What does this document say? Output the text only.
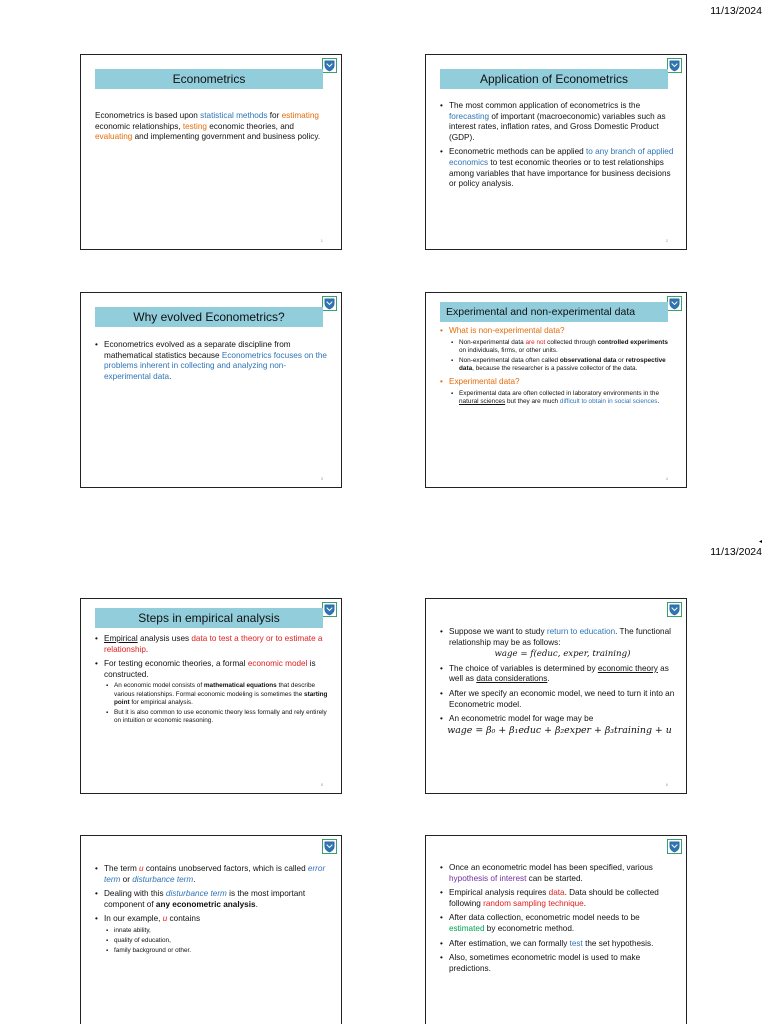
11/13/2024
Econometrics

Econometrics is based upon statistical methods for estimating economic relationships, testing economic theories, and evaluating and implementing government and business policy.

1
Application of Econometrics
• The most common application of econometrics is the forecasting of important (macroeconomic) variables such as interest rates, inflation rates, and Gross Domestic Product (GDP).
• Econometric methods can be applied to any branch of applied economics to test economic theories or to test relationships among variables that have importance for business decisions or policy analysis.
2
Why evolved Econometrics?
• Econometrics evolved as a separate discipline from mathematical statistics because Econometrics focuses on the problems inherent in collecting and analyzing non-experimental data.
3
Experimental and non-experimental data
• What is non-experimental data?
▪ Non-experimental data are not collected through controlled experiments on individuals, firms, or other units.
▪ Non-experimental data often called observational data or retrospective data, because the researcher is a passive collector of the data.
• Experimental data?
▪ Experimental data are often collected in laboratory environments in the natural sciences but they are much difficult to obtain in social sciences.
4
◂
11/13/2024
Steps in empirical analysis
• Empirical analysis uses data to test a theory or to estimate a relationship.
• For testing economic theories, a formal economic model is constructed.
▪ An economic model consists of mathematical equations that describe various relationships. Formal economic modeling is sometimes the starting point for empirical analysis.
▪ But it is also common to use economic theory less formally and rely entirely on intuition or economic reasoning.
5
• Suppose we want to study return to education. The functional relationship may be as follows:
wage = f(educ, exper, training)
• The choice of variables is determined by economic theory as well as data considerations.
• After we specify an economic model, we need to turn it into an Econometric model.
• An econometric model for wage may be
wage = β₀ + β₁educ + β₂exper + β₃training + u
6
• The term u contains unobserved factors, which is called error term or disturbance term.
• Dealing with this disturbance term is the most important component of any econometric analysis.
• In our example, u contains
▪ innate ability,
▪ quality of education,
▪ family background or other.
• Once an econometric model has been specified, various hypothesis of interest can be started.
• Empirical analysis requires data. Data should be collected following random sampling technique.
• After data collection, econometric model needs to be estimated by econometric method.
• After estimation, we can formally test the set hypothesis.
• Also, sometimes econometric model is used to make predictions.
